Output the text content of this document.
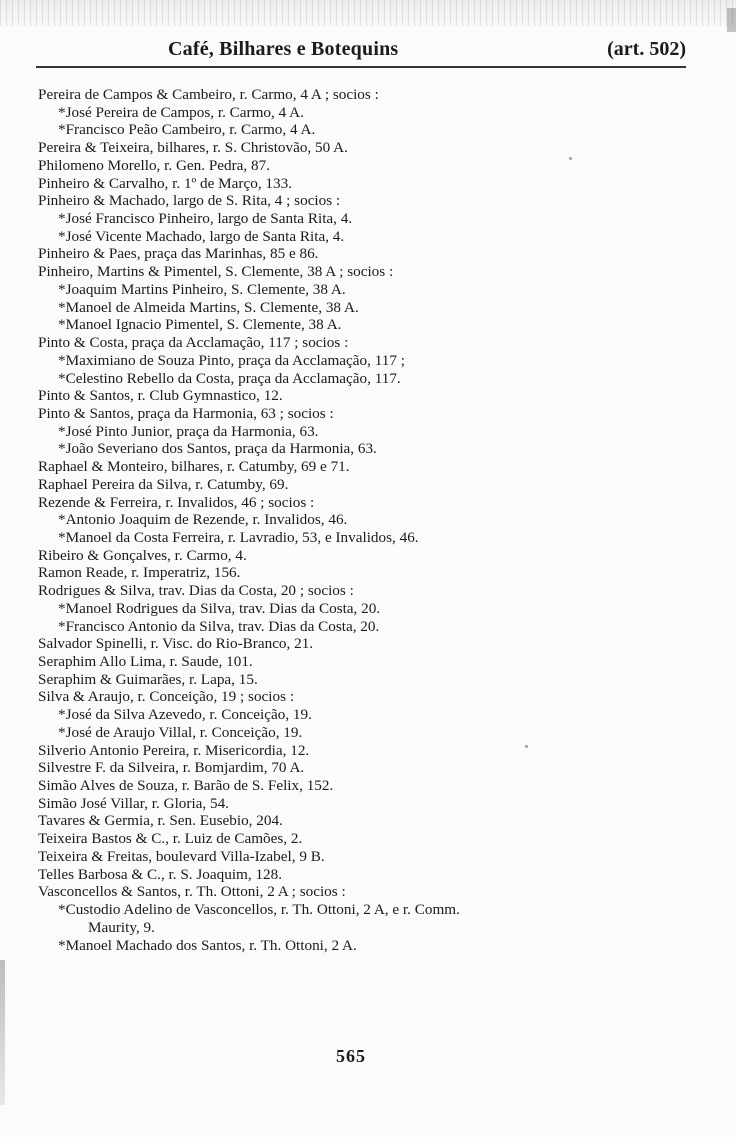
Café, Bilhares e Botequins	(art. 502)
Pereira de Campos & Cambeiro, r. Carmo, 4 A ; socios :
*José Pereira de Campos, r. Carmo, 4 A.
*Francisco Peão Cambeiro, r. Carmo, 4 A.
Pereira & Teixeira, bilhares, r. S. Christovão, 50 A.
Philomeno Morello, r. Gen. Pedra, 87.
Pinheiro & Carvalho, r. 1º de Março, 133.
Pinheiro & Machado, largo de S. Rita, 4 ; socios :
*José Francisco Pinheiro, largo de Santa Rita, 4.
*José Vicente Machado, largo de Santa Rita, 4.
Pinheiro & Paes, praça das Marinhas, 85 e 86.
Pinheiro, Martins & Pimentel, S. Clemente, 38 A ; socios :
*Joaquim Martins Pinheiro, S. Clemente, 38 A.
*Manoel de Almeida Martins, S. Clemente, 38 A.
*Manoel Ignacio Pimentel, S. Clemente, 38 A.
Pinto & Costa, praça da Acclamação, 117 ; socios :
*Maximiano de Souza Pinto, praça da Acclamação, 117 ;
*Celestino Rebello da Costa, praça da Acclamação, 117.
Pinto & Santos, r. Club Gymnastico, 12.
Pinto & Santos, praça da Harmonia, 63 ; socios :
*José Pinto Junior, praça da Harmonia, 63.
*João Severiano dos Santos, praça da Harmonia, 63.
Raphael & Monteiro, bilhares, r. Catumby, 69 e 71.
Raphael Pereira da Silva, r. Catumby, 69.
Rezende & Ferreira, r. Invalidos, 46 ; socios :
*Antonio Joaquim de Rezende, r. Invalidos, 46.
*Manoel da Costa Ferreira, r. Lavradio, 53, e Invalidos, 46.
Ribeiro & Gonçalves, r. Carmo, 4.
Ramon Reade, r. Imperatriz, 156.
Rodrigues & Silva, trav. Dias da Costa, 20 ; socios :
*Manoel Rodrigues da Silva, trav. Dias da Costa, 20.
*Francisco Antonio da Silva, trav. Dias da Costa, 20.
Salvador Spinelli, r. Visc. do Rio-Branco, 21.
Seraphim Allo Lima, r. Saude, 101.
Seraphim & Guimarães, r. Lapa, 15.
Silva & Araujo, r. Conceição, 19 ; socios :
*José da Silva Azevedo, r. Conceição, 19.
*José de Araujo Villal, r. Conceição, 19.
Silverio Antonio Pereira, r. Misericordia, 12.
Silvestre F. da Silveira, r. Bomjardim, 70 A.
Simão Alves de Souza, r. Barão de S. Felix, 152.
Simão José Villar, r. Gloria, 54.
Tavares & Germia, r. Sen. Eusebio, 204.
Teixeira Bastos & C., r. Luiz de Camões, 2.
Teixeira & Freitas, boulevard Villa-Izabel, 9 B.
Telles Barbosa & C., r. S. Joaquim, 128.
Vasconcellos & Santos, r. Th. Ottoni, 2 A ; socios :
*Custodio Adelino de Vasconcellos, r. Th. Ottoni, 2 A, e r. Comm.
Maurity, 9.
*Manoel Machado dos Santos, r. Th. Ottoni, 2 A.
565
